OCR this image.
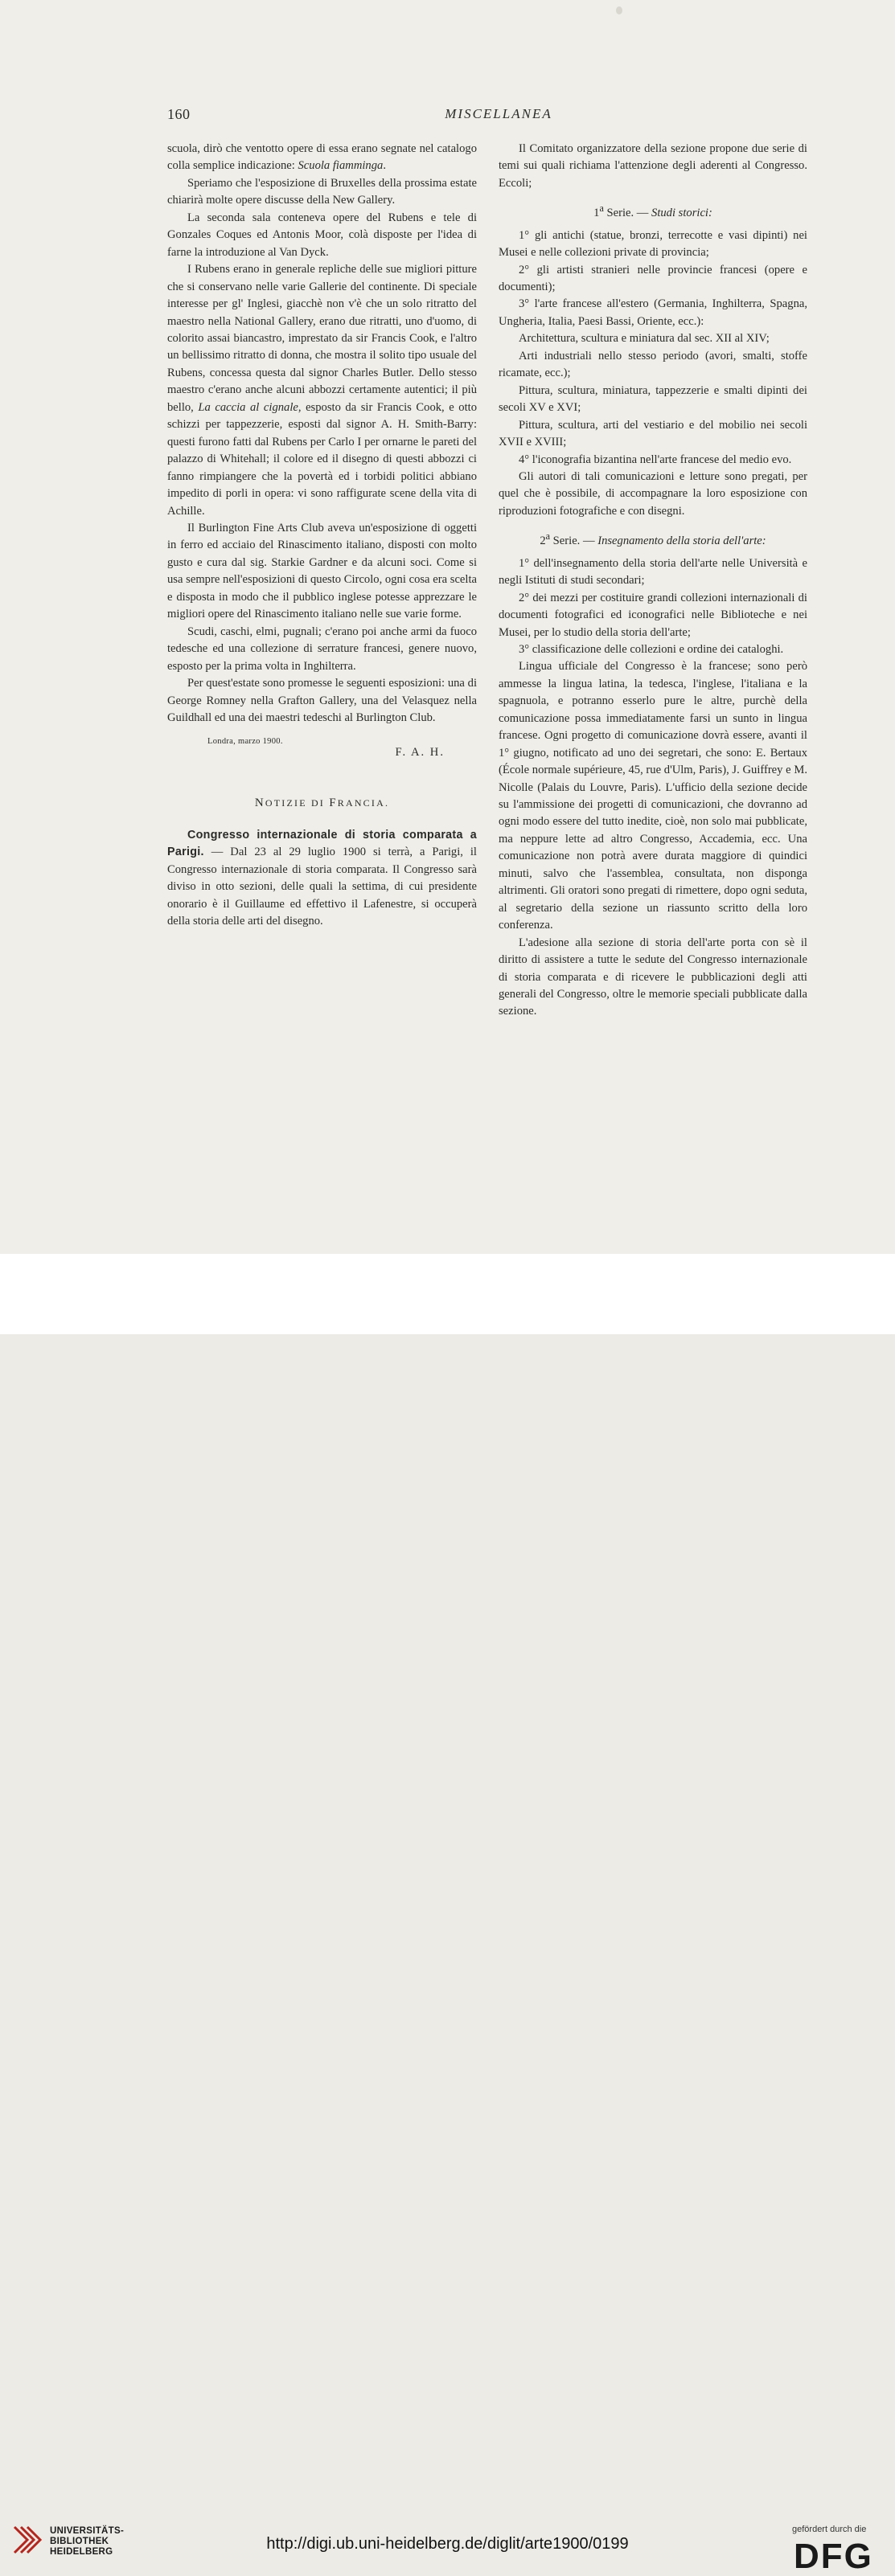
160	MISCELLANEA

scuola, dirò che ventotto opere di essa erano segnate nel catalogo colla semplice indicazione: Scuola fiamminga.

Speriamo che l'esposizione di Bruxelles della prossima estate chiarirà molte opere discusse della New Gallery.

La seconda sala conteneva opere del Rubens e tele di Gonzales Coques ed Antonis Moor, colà disposte per l'idea di farne la introduzione al Van Dyck.

I Rubens erano in generale repliche delle sue migliori pitture che si conservano nelle varie Gallerie del continente. Di speciale interesse per gl' Inglesi, giacchè non v'è che un solo ritratto del maestro nella National Gallery, erano due ritratti, uno d'uomo, di colorito assai biancastro, imprestato da sir Francis Cook, e l'altro un bellissimo ritratto di donna, che mostra il solito tipo usuale del Rubens, concessa questa dal signor Charles Butler. Dello stesso maestro c'erano anche alcuni abbozzi certamente autentici; il più bello, La caccia al cignale, esposto da sir Francis Cook, e otto schizzi per tappezzerie, esposti dal signor A. H. Smith-Barry: questi furono fatti dal Rubens per Carlo I per ornarne le pareti del palazzo di Whitehall; il colore ed il disegno di questi abbozzi ci fanno rimpiangere che la povertà ed i torbidi politici abbiano impedito di porli in opera: vi sono raffigurate scene della vita di Achille.

Il Burlington Fine Arts Club aveva un'esposizione di oggetti in ferro ed acciaio del Rinascimento italiano, disposti con molto gusto e cura dal sig. Starkie Gardner e da alcuni soci. Come si usa sempre nell'esposizioni di questo Circolo, ogni cosa era scelta e disposta in modo che il pubblico inglese potesse apprezzare le migliori opere del Rinascimento italiano nelle sue varie forme.

Scudi, caschi, elmi, pugnali; c'erano poi anche armi da fuoco tedesche ed una collezione di serrature francesi, genere nuovo, esposto per la prima volta in Inghilterra.

Per quest'estate sono promesse le seguenti esposizioni: una di George Romney nella Grafton Gallery, una del Velasquez nella Guildhall ed una dei maestri tedeschi al Burlington Club.

Londra, marzo 1900.
F. A. H.
NOTIZIE DI FRANCIA.

Congresso internazionale di storia comparata a Parigi. — Dal 23 al 29 luglio 1900 si terrà, a Parigi, il Congresso internazionale di storia comparata. Il Congresso sarà diviso in otto sezioni, delle quali la settima, di cui presidente onorario è il Guillaume ed effettivo il Lafenestre, si occuperà della storia delle arti del disegno.

Il Comitato organizzatore della sezione propone due serie di temi sui quali richiama l'attenzione degli aderenti al Congresso. Eccoli;

1$^a$ Serie. — Studi storici:

1° gli antichi (statue, bronzi, terrecotte e vasi dipinti) nei Musei e nelle collezioni private di provincia;

2° gli artisti stranieri nelle provincie francesi (opere e documenti);

3° l'arte francese all'estero (Germania, Inghilterra, Spagna, Ungheria, Italia, Paesi Bassi, Oriente, ecc.):

Architettura, scultura e miniatura dal sec. XII al XIV;

Arti industriali nello stesso periodo (avori, smalti, stoffe ricamate, ecc.);

Pittura, scultura, miniatura, tappezzerie e smalti dipinti dei secoli XV e XVI;

Pittura, scultura, arti del vestiario e del mobilio nei secoli XVII e XVIII;

4° l'iconografia bizantina nell'arte francese del medio evo.

Gli autori di tali comunicazioni e letture sono pregati, per quel che è possibile, di accompagnare la loro esposizione con riproduzioni fotografiche e con disegni.

2$^a$ Serie. — Insegnamento della storia dell'arte:

1° dell'insegnamento della storia dell'arte nelle Università e negli Istituti di studi secondari;

2° dei mezzi per costituire grandi collezioni internazionali di documenti fotografici ed iconografici nelle Biblioteche e nei Musei, per lo studio della storia dell'arte;

3° classificazione delle collezioni e ordine dei cataloghi.

Lingua ufficiale del Congresso è la francese; sono però ammesse la lingua latina, la tedesca, l'inglese, l'italiana e la spagnuola, e potranno esserlo pure le altre, purchè della comunicazione possa immediatamente farsi un sunto in lingua francese. Ogni progetto di comunicazione dovrà essere, avanti il 1° giugno, notificato ad uno dei segretari, che sono: E. Bertaux (École normale supérieure, 45, rue d'Ulm, Paris), J. Guiffrey e M. Nicolle (Palais du Louvre, Paris). L'ufficio della sezione decide su l'ammissione dei progetti di comunicazioni, che dovranno ad ogni modo essere del tutto inedite, cioè, non solo mai pubblicate, ma neppure lette ad altro Congresso, Accademia, ecc. Una comunicazione non potrà avere durata maggiore di quindici minuti, salvo che l'assemblea, consultata, non disponga altrimenti. Gli oratori sono pregati di rimettere, dopo ogni seduta, al segretario della sezione un riassunto scritto della loro conferenza.

L'adesione alla sezione di storia dell'arte porta con sè il diritto di assistere a tutte le sedute del Congresso internazionale di storia comparata e di ricevere le pubblicazioni degli atti generali del Congresso, oltre le memorie speciali pubblicate dalla sezione.

UNIVERSITÄTS-
BIBLIOTHEK
HEIDELBERG	http://digi.ub.uni-heidelberg.de/diglit/arte1900/0199
gefördert durch die
DFG
